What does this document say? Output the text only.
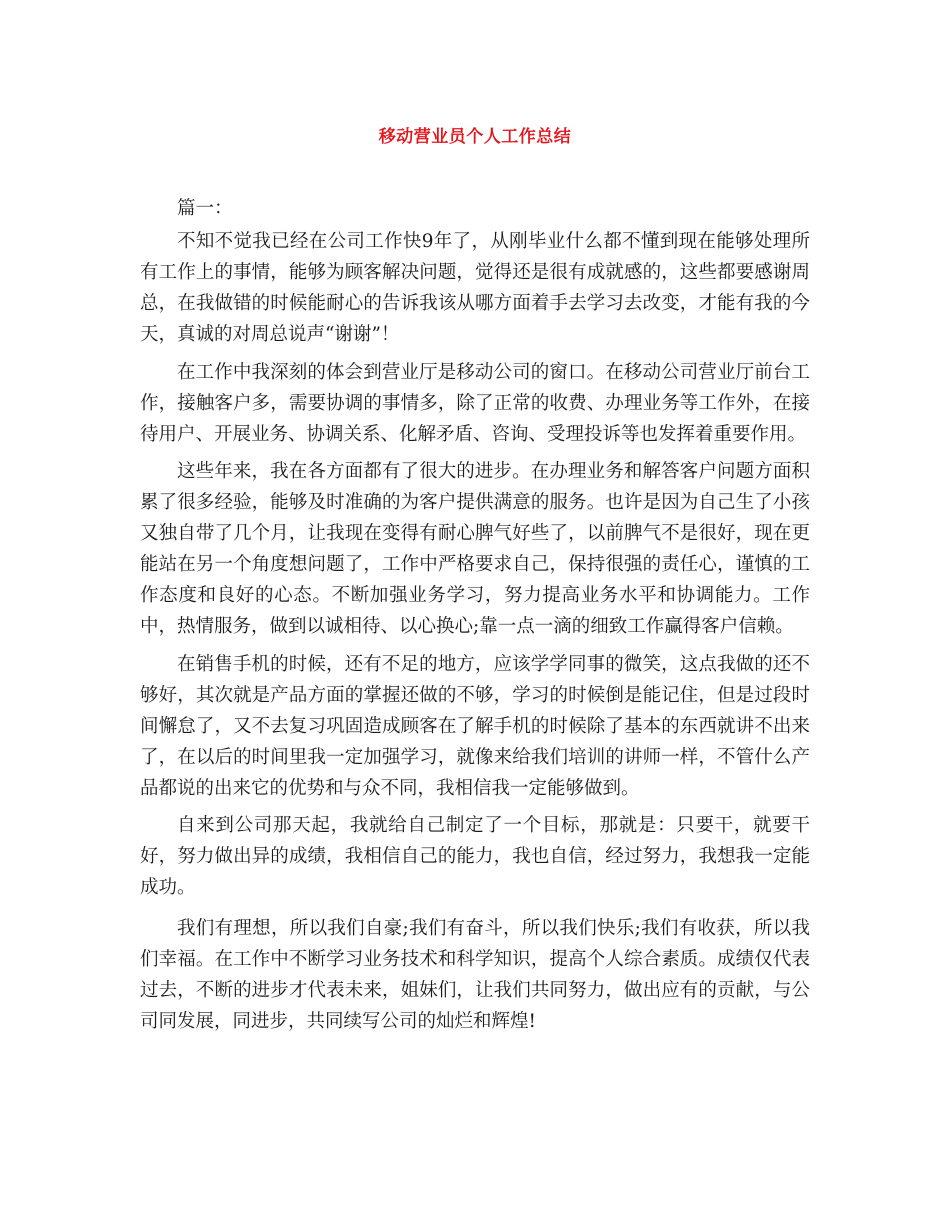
移动营业员个人工作总结

篇一：

不知不觉我已经在公司工作快9年了，从刚毕业什么都不懂到现在能够处理所有工作上的事情，能够为顾客解决问题，觉得还是很有成就感的，这些都要感谢周总，在我做错的时候能耐心的告诉我该从哪方面着手去学习去改变，才能有我的今天，真诚的对周总说声“谢谢”！

在工作中我深刻的体会到营业厅是移动公司的窗口。在移动公司营业厅前台工作，接触客户多，需要协调的事情多，除了正常的收费、办理业务等工作外，在接待用户、开展业务、协调关系、化解矛盾、咨询、受理投诉等也发挥着重要作用。

这些年来，我在各方面都有了很大的进步。在办理业务和解答客户问题方面积累了很多经验，能够及时准确的为客户提供满意的服务。也许是因为自己生了小孩又独自带了几个月，让我现在变得有耐心脾气好些了，以前脾气不是很好，现在更能站在另一个角度想问题了，工作中严格要求自己，保持很强的责任心，谨慎的工作态度和良好的心态。不断加强业务学习，努力提高业务水平和协调能力。工作中，热情服务，做到以诚相待、以心换心;靠一点一滴的细致工作赢得客户信赖。

在销售手机的时候，还有不足的地方，应该学学同事的微笑，这点我做的还不够好，其次就是产品方面的掌握还做的不够，学习的时候倒是能记住，但是过段时间懈怠了，又不去复习巩固造成顾客在了解手机的时候除了基本的东西就讲不出来了，在以后的时间里我一定加强学习，就像来给我们培训的讲师一样，不管什么产品都说的出来它的优势和与众不同，我相信我一定能够做到。

自来到公司那天起，我就给自己制定了一个目标，那就是：只要干，就要干好，努力做出异的成绩，我相信自己的能力，我也自信，经过努力，我想我一定能成功。

我们有理想，所以我们自豪;我们有奋斗，所以我们快乐;我们有收获，所以我们幸福。在工作中不断学习业务技术和科学知识，提高个人综合素质。成绩仅代表过去，不断的进步才代表未来，姐妹们，让我们共同努力，做出应有的贡献，与公司同发展，同进步，共同续写公司的灿烂和辉煌!
